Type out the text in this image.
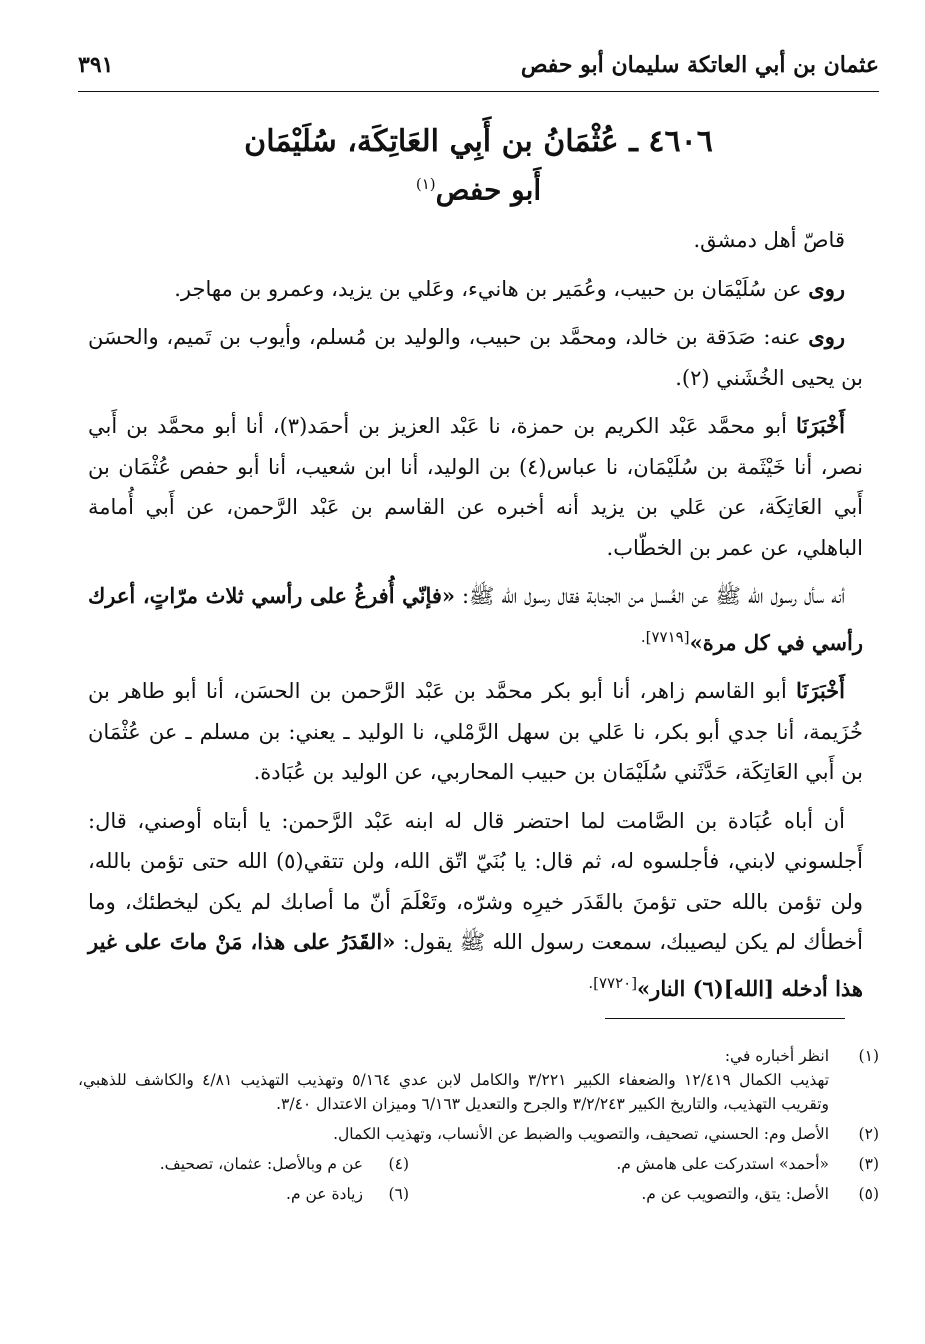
عثمان بن أبي العاتكة سليمان أبو حفص
٣٩١
٤٦٠٦ ـ عُثْمَانُ بن أَبِي العَاتِكَة، سُلَيْمَان
أَبو حفص$^{(١)}$

قاصّ أهل دمشق.

روى عن سُلَيْمَان بن حبيب، وعُمَير بن هانيء، وعَلي بن يزيد، وعمرو بن مهاجر.

روى عنه: صَدَقة بن خالد، ومحمَّد بن حبيب، والوليد بن مُسلم، وأيوب بن تَميم، والحسَن بن يحيى الخُشَني (٢).

أَخْبَرَنَا أبو محمَّد عَبْد الكريم بن حمزة، نا عَبْد العزيز بن أحمَد(٣)، أنا أبو محمَّد بن أَبي نصر، أنا خَيْثَمة بن سُلَيْمَان، نا عباس(٤) بن الوليد، أنا ابن شعيب، أنا أبو حفص عُثْمَان بن أَبي العَاتِكَة، عن عَلي بن يزيد أنه أخبره عن القاسم بن عَبْد الرَّحمن، عن أَبي أُمامة الباهلي، عن عمر بن الخطّاب.

أنه سأل رسول الله ﷺ عن الغُسل من الجنابة فقال رسول الله ﷺ: «فإنّي أُفرغُ على رأسي ثلاث مرّاتٍ، أعرك رأسي في كل مرة»$^{[٧٧١٩].}$

أَخْبَرَنَا أبو القاسم زاهر، أنا أبو بكر محمَّد بن عَبْد الرَّحمن بن الحسَن، أنا أبو طاهر بن خُزَيمة، أنا جدي أبو بكر، نا عَلي بن سهل الرَّمْلي، نا الوليد ـ يعني: بن مسلم ـ عن عُثْمَان بن أَبي العَاتِكَة، حَدَّثَني سُلَيْمَان بن حبيب المحاربي، عن الوليد بن عُبَادة.

أن أباه عُبَادة بن الصَّامت لما احتضر قال له ابنه عَبْد الرَّحمن: يا أبتاه أوصني، قال: أَجلسوني لابني، فأجلسوه له، ثم قال: يا بُنَيّ اتّق الله، ولن تتقي(٥) الله حتى تؤمن بالله، ولن تؤمن بالله حتى تؤمنَ بالقَدَر خيرِه وشرّه، وتَعْلَمَ أنّ ما أصابك لم يكن ليخطئك، وما أخطأك لم يكن ليصيبك، سمعت رسول الله ﷺ يقول: «القَدَرُ على هذا، مَنْ ماتَ على غير هذا أدخله [الله](٦) النار»$^{[٧٧٢٠].}$

(١)
انظر أخباره في:
تهذيب الكمال ١٢/٤١٩ والضعفاء الكبير ٣/٢٢١ والكامل لابن عدي ٥/١٦٤ وتهذيب التهذيب ٤/٨١ والكاشف للذهبي، وتقريب التهذيب، والتاريخ الكبير ٣/٢/٢٤٣ والجرح والتعديل ٦/١٦٣ وميزان الاعتدال ٣/٤٠.
(٢)
الأصل وم: الحسني، تصحيف، والتصويب والضبط عن الأنساب، وتهذيب الكمال.
(٣)
«أحمد» استدركت على هامش م.
(٤)
عن م وبالأصل: عثمان، تصحيف.
(٥)
الأصل: يتق، والتصويب عن م.
(٦)
زيادة عن م.
